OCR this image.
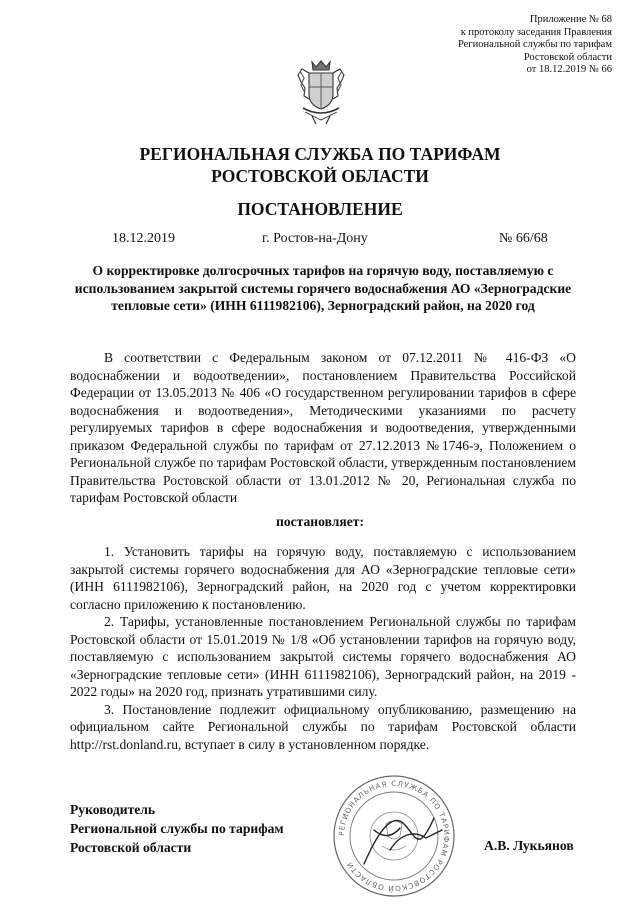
Приложение № 68
к протоколу заседания Правления
Региональной службы по тарифам
Ростовской области
от 18.12.2019 № 66
РЕГИОНАЛЬНАЯ СЛУЖБА ПО ТАРИФАМ
РОСТОВСКОЙ ОБЛАСТИ
ПОСТАНОВЛЕНИЕ
18.12.2019	г. Ростов-на-Дону	№ 66/68
О корректировке долгосрочных тарифов на горячую воду, поставляемую с использованием закрытой системы горячего водоснабжения АО «Зерноградские тепловые сети» (ИНН 6111982106), Зерноградский район, на 2020 год

В соответствии с Федеральным законом от 07.12.2011 № 416-ФЗ «О водоснабжении и водоотведении», постановлением Правительства Российской Федерации от 13.05.2013 № 406 «О государственном регулировании тарифов в сфере водоснабжения и водоотведения», Методическими указаниями по расчету регулируемых тарифов в сфере водоснабжения и водоотведения, утвержденными приказом Федеральной службы по тарифам от 27.12.2013 №1746-э, Положением о Региональной службе по тарифам Ростовской области, утвержденным постановлением Правительства Ростовской области от 13.01.2012 № 20, Региональная служба по тарифам Ростовской области

постановляет:

1. Установить тарифы на горячую воду, поставляемую с использованием закрытой системы горячего водоснабжения для АО «Зерноградские тепловые сети» (ИНН 6111982106), Зерноградский район, на 2020 год с учетом корректировки согласно приложению к постановлению.

2. Тарифы, установленные постановлением Региональной службы по тарифам Ростовской области от 15.01.2019 № 1/8 «Об установлении тарифов на горячую воду, поставляемую с использованием закрытой системы горячего водоснабжения АО «Зерноградские тепловые сети» (ИНН 6111982106), Зерноградский район, на 2019 - 2022 годы» на 2020 год, признать утратившими силу.

3. Постановление подлежит официальному опубликованию, размещению на официальном сайте Региональной службы по тарифам Ростовской области http://rst.donland.ru, вступает в силу в установленном порядке.

РЕГИОНАЛЬНАЯ СЛУЖБА ПО ТАРИФАМ РОСТОВСКОЙ ОБЛАСТИ
Руководитель
Региональной службы по тарифам
Ростовской области	А.В. Лукьянов
